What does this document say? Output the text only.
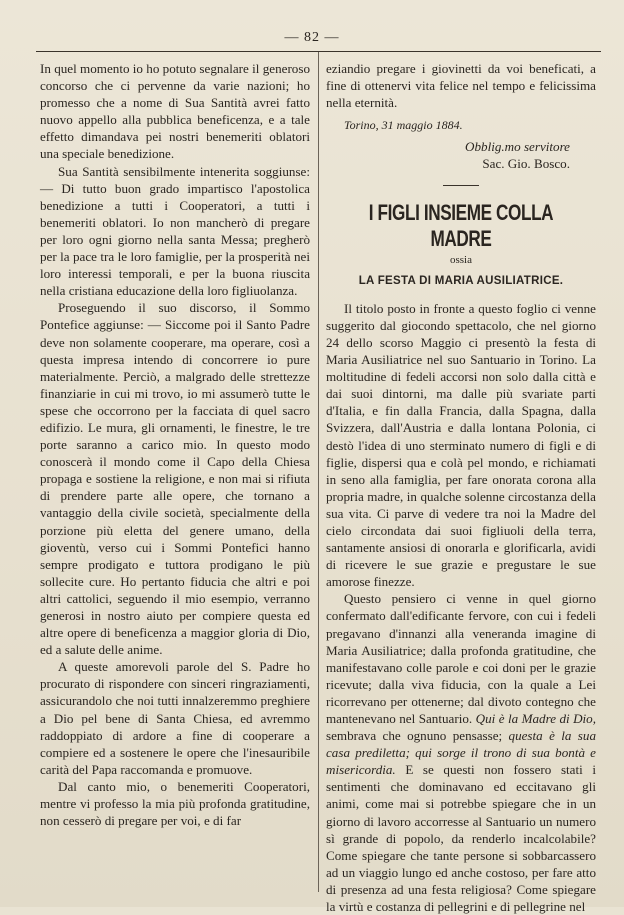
— 82 —

In quel momento io ho potuto segnalare il generoso concorso che ci pervenne da varie nazioni; ho promesso che a nome di Sua Santità avrei fatto nuovo appello alla pubblica beneficenza, e a tale effetto dimandava pei nostri benemeriti oblatori una speciale benedizione.

Sua Santità sensibilmente intenerita soggiunse: — Di tutto buon grado impartisco l'apostolica benedizione a tutti i Cooperatori, a tutti i benemeriti oblatori. Io non mancherò di pregare per loro ogni giorno nella santa Messa; pregherò per la pace tra le loro famiglie, per la prosperità nei loro interessi temporali, e per la buona riuscita nella cristiana educazione della loro figliuolanza.

Proseguendo il suo discorso, il Sommo Pontefice aggiunse: — Siccome poi il Santo Padre deve non solamente cooperare, ma operare, così a questa impresa intendo di concorrere io pure materialmente. Perciò, a malgrado delle strettezze finanziarie in cui mi trovo, io mi assumerò tutte le spese che occorrono per la facciata di quel sacro edifizio. Le mura, gli ornamenti, le finestre, le tre porte saranno a carico mio. In questo modo conoscerà il mondo come il Capo della Chiesa propaga e sostiene la religione, e non mai si rifiuta di prendere parte alle opere, che tornano a vantaggio della civile società, specialmente della porzione più eletta del genere umano, della gioventù, verso cui i Sommi Pontefici hanno sempre prodigato e tuttora prodigano le più sollecite cure. Ho pertanto fiducia che altri e poi altri cattolici, seguendo il mio esempio, verranno generosi in nostro aiuto per compiere questa ed altre opere di beneficenza a maggior gloria di Dio, ed a salute delle anime.

A queste amorevoli parole del S. Padre ho procurato di rispondere con sinceri ringraziamenti, assicurandolo che noi tutti innalzeremmo preghiere a Dio pel bene di Santa Chiesa, ed avremmo raddoppiato di ardore a fine di cooperare a compiere ed a sostenere le opere che l'inesauribile carità del Papa raccomanda e promuove.

Dal canto mio, o benemeriti Cooperatori, mentre vi professo la mia più profonda gratitudine, non cesserò di pregare per voi, e di far

eziandio pregare i giovinetti da voi beneficati, a fine di ottenervi vita felice nel tempo e felicissima nella eternità.

Torino, 31 maggio 1884.

Obblig.mo servitore

Sac. Gio. Bosco.

I FIGLI INSIEME COLLA MADRE
ossia
LA FESTA DI MARIA AUSILIATRICE.

Il titolo posto in fronte a questo foglio ci venne suggerito dal giocondo spettacolo, che nel giorno 24 dello scorso Maggio ci presentò la festa di Maria Ausiliatrice nel suo Santuario in Torino. La moltitudine di fedeli accorsi non solo dalla città e dai suoi dintorni, ma dalle più svariate parti d'Italia, e fin dalla Francia, dalla Spagna, dalla Svizzera, dall'Austria e dalla lontana Polonia, ci destò l'idea di uno sterminato numero di figli e di figlie, dispersi qua e colà pel mondo, e richiamati in seno alla famiglia, per fare onorata corona alla propria madre, in qualche solenne circostanza della sua vita. Ci parve di vedere tra noi la Madre del cielo circondata dai suoi figliuoli della terra, santamente ansiosi di onorarla e glorificarla, avidi di ricevere le sue grazie e pregustare le sue amorose finezze.

Questo pensiero ci venne in quel giorno confermato dall'edificante fervore, con cui i fedeli pregavano d'innanzi alla veneranda imagine di Maria Ausiliatrice; dalla profonda gratitudine, che manifestavano colle parole e coi doni per le grazie ricevute; dalla viva fiducia, con la quale a Lei ricorrevano per ottenerne; dal divoto contegno che mantenevano nel Santuario. Qui è la Madre di Dio, sembrava che ognuno pensasse; questa è la sua casa prediletta; qui sorge il trono di sua bontà e misericordia. E se questi non fossero stati i sentimenti che dominavano ed eccitavano gli animi, come mai si potrebbe spiegare che in un giorno di lavoro accorresse al Santuario un numero sì grande di popolo, da renderlo incalcolabile? Come spiegare che tante persone si sobbarcassero ad un viaggio lungo ed anche costoso, per fare atto di presenza ad una festa religiosa? Come spiegare la virtù e costanza di pellegrini e di pellegrine nel
